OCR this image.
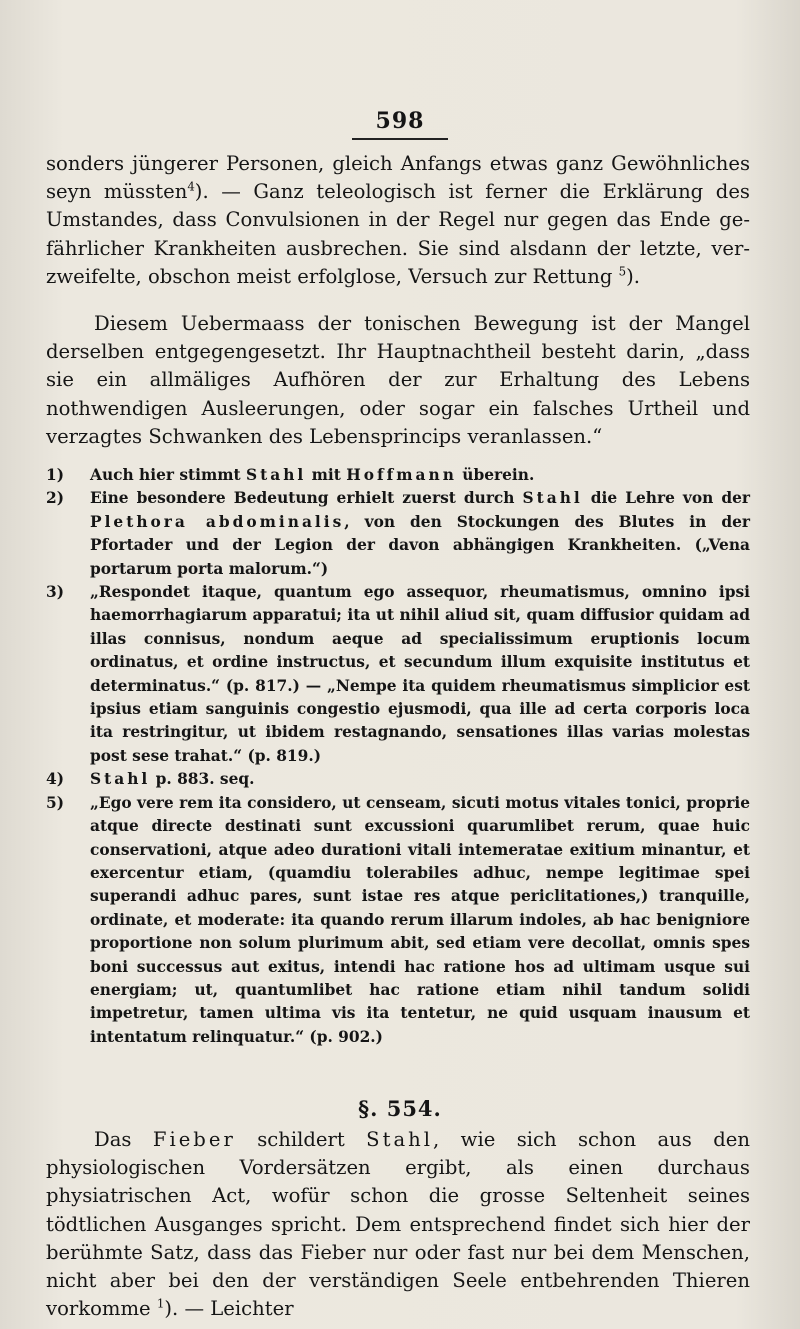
598

sonders jüngerer Personen, gleich Anfangs etwas ganz Gewöhnliches seyn müssten$^4$). — Ganz teleologisch ist ferner die Erklärung des Umstandes, dass Convulsionen in der Regel nur gegen das Ende ge- fährlicher Krankheiten ausbrechen. Sie sind alsdann der letzte, ver- zweifelte, obschon meist erfolglose, Versuch zur Rettung $^5$).

Diesem Uebermaass der tonischen Bewegung ist der Mangel derselben entgegengesetzt. Ihr Hauptnachtheil besteht darin, „dass sie ein allmäliges Aufhören der zur Erhaltung des Lebens nothwendigen Ausleerungen, oder sogar ein falsches Urtheil und verzagtes Schwanken des Lebensprincips veranlassen.“

1) Auch hier stimmt Stahl mit Hoffmann überein.

2) Eine besondere Bedeutung erhielt zuerst durch Stahl die Lehre von der Plethora abdominalis, von den Stockungen des Blutes in der Pfortader und der Legion der davon abhängigen Krankheiten. („Vena portarum porta malorum.“)

3) „Respondet itaque, quantum ego assequor, rheumatismus, omnino ipsi haemorrhagiarum apparatui; ita ut nihil aliud sit, quam diffusior quidam ad illas connisus, nondum aeque ad specialissimum eruptionis locum ordinatus, et ordine instructus, et secundum illum exquisite institutus et determinatus.“ (p. 817.) — „Nempe ita quidem rheumatismus simplicior est ipsius etiam sanguinis congestio ejusmodi, qua ille ad certa corporis loca ita restringitur, ut ibidem restagnando, sensationes illas varias molestas post sese trahat.“ (p. 819.)

4) Stahl p. 883. seq.

5) „Ego vere rem ita considero, ut censeam, sicuti motus vitales tonici, proprie atque directe destinati sunt excussioni quarumlibet rerum, quae huic conservationi, atque adeo durationi vitali intemeratae exitium minantur, et exercentur etiam, (quamdiu tolerabiles adhuc, nempe legitimae spei superandi adhuc pares, sunt istae res atque periclitationes,) tranquille, ordinate, et moderate: ita quando rerum illarum indoles, ab hac benigniore proportione non solum plurimum abit, sed etiam vere decollat, omnis spes boni successus aut exitus, intendi hac ratione hos ad ultimam usque sui energiam; ut, quantumlibet hac ratione etiam nihil tandum solidi impetretur, tamen ultima vis ita tentetur, ne quid usquam inausum et intentatum relinquatur.“ (p. 902.)

§. 554.

Das Fieber schildert Stahl, wie sich schon aus den physiologischen Vordersätzen ergibt, als einen durchaus physiatrischen Act, wofür schon die grosse Seltenheit seines tödtlichen Ausganges spricht. Dem entsprechend findet sich hier der berühmte Satz, dass das Fieber nur oder fast nur bei dem Menschen, nicht aber bei den der verständigen Seele entbehrenden Thieren vorkomme $^1$). — Leichter
